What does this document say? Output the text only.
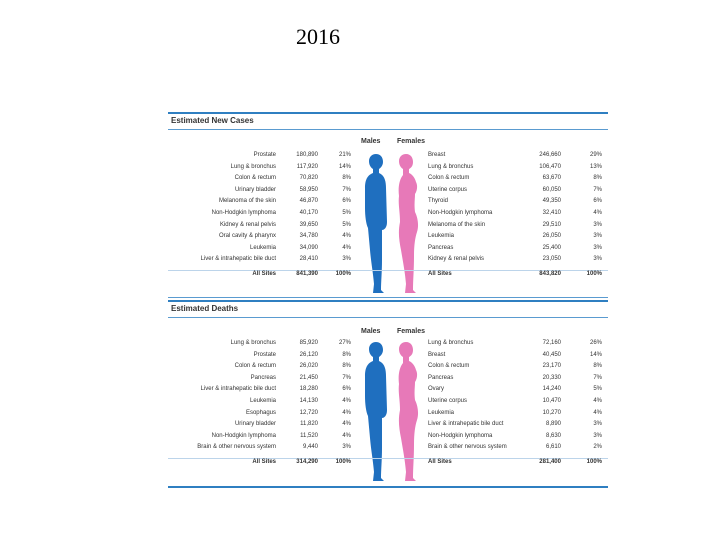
2016
Estimated New Cases
Males Females
Prostate	180,890	21%	Breast	246,660	29%
Lung & bronchus	117,920	14%	Lung & bronchus	106,470	13%
Colon & rectum	70,820	8%	Colon & rectum	63,670	8%
Urinary bladder	58,950	7%	Uterine corpus	60,050	7%
Melanoma of the skin	46,870	6%	Thyroid	49,350	6%
Non-Hodgkin lymphoma	40,170	5%	Non-Hodgkin lymphoma	32,410	4%
Kidney & renal pelvis	39,650	5%	Melanoma of the skin	29,510	3%
Oral cavity & pharynx	34,780	4%	Leukemia	26,050	3%
Leukemia	34,090	4%	Pancreas	25,400	3%
Liver & intrahepatic bile duct	28,410	3%	Kidney & renal pelvis	23,050	3%
All Sites	841,390	100%	All Sites	843,820	100%
Estimated Deaths
Males Females
Lung & bronchus	85,920	27%	Lung & bronchus	72,160	26%
Prostate	26,120	8%	Breast	40,450	14%
Colon & rectum	26,020	8%	Colon & rectum	23,170	8%
Pancreas	21,450	7%	Pancreas	20,330	7%
Liver & intrahepatic bile duct	18,280	6%	Ovary	14,240	5%
Leukemia	14,130	4%	Uterine corpus	10,470	4%
Esophagus	12,720	4%	Leukemia	10,270	4%
Urinary bladder	11,820	4%	Liver & intrahepatic bile duct	8,890	3%
Non-Hodgkin lymphoma	11,520	4%	Non-Hodgkin lymphoma	8,630	3%
Brain & other nervous system	9,440	3%	Brain & other nervous system	6,610	2%
All Sites	314,290	100%	All Sites	281,400	100%
